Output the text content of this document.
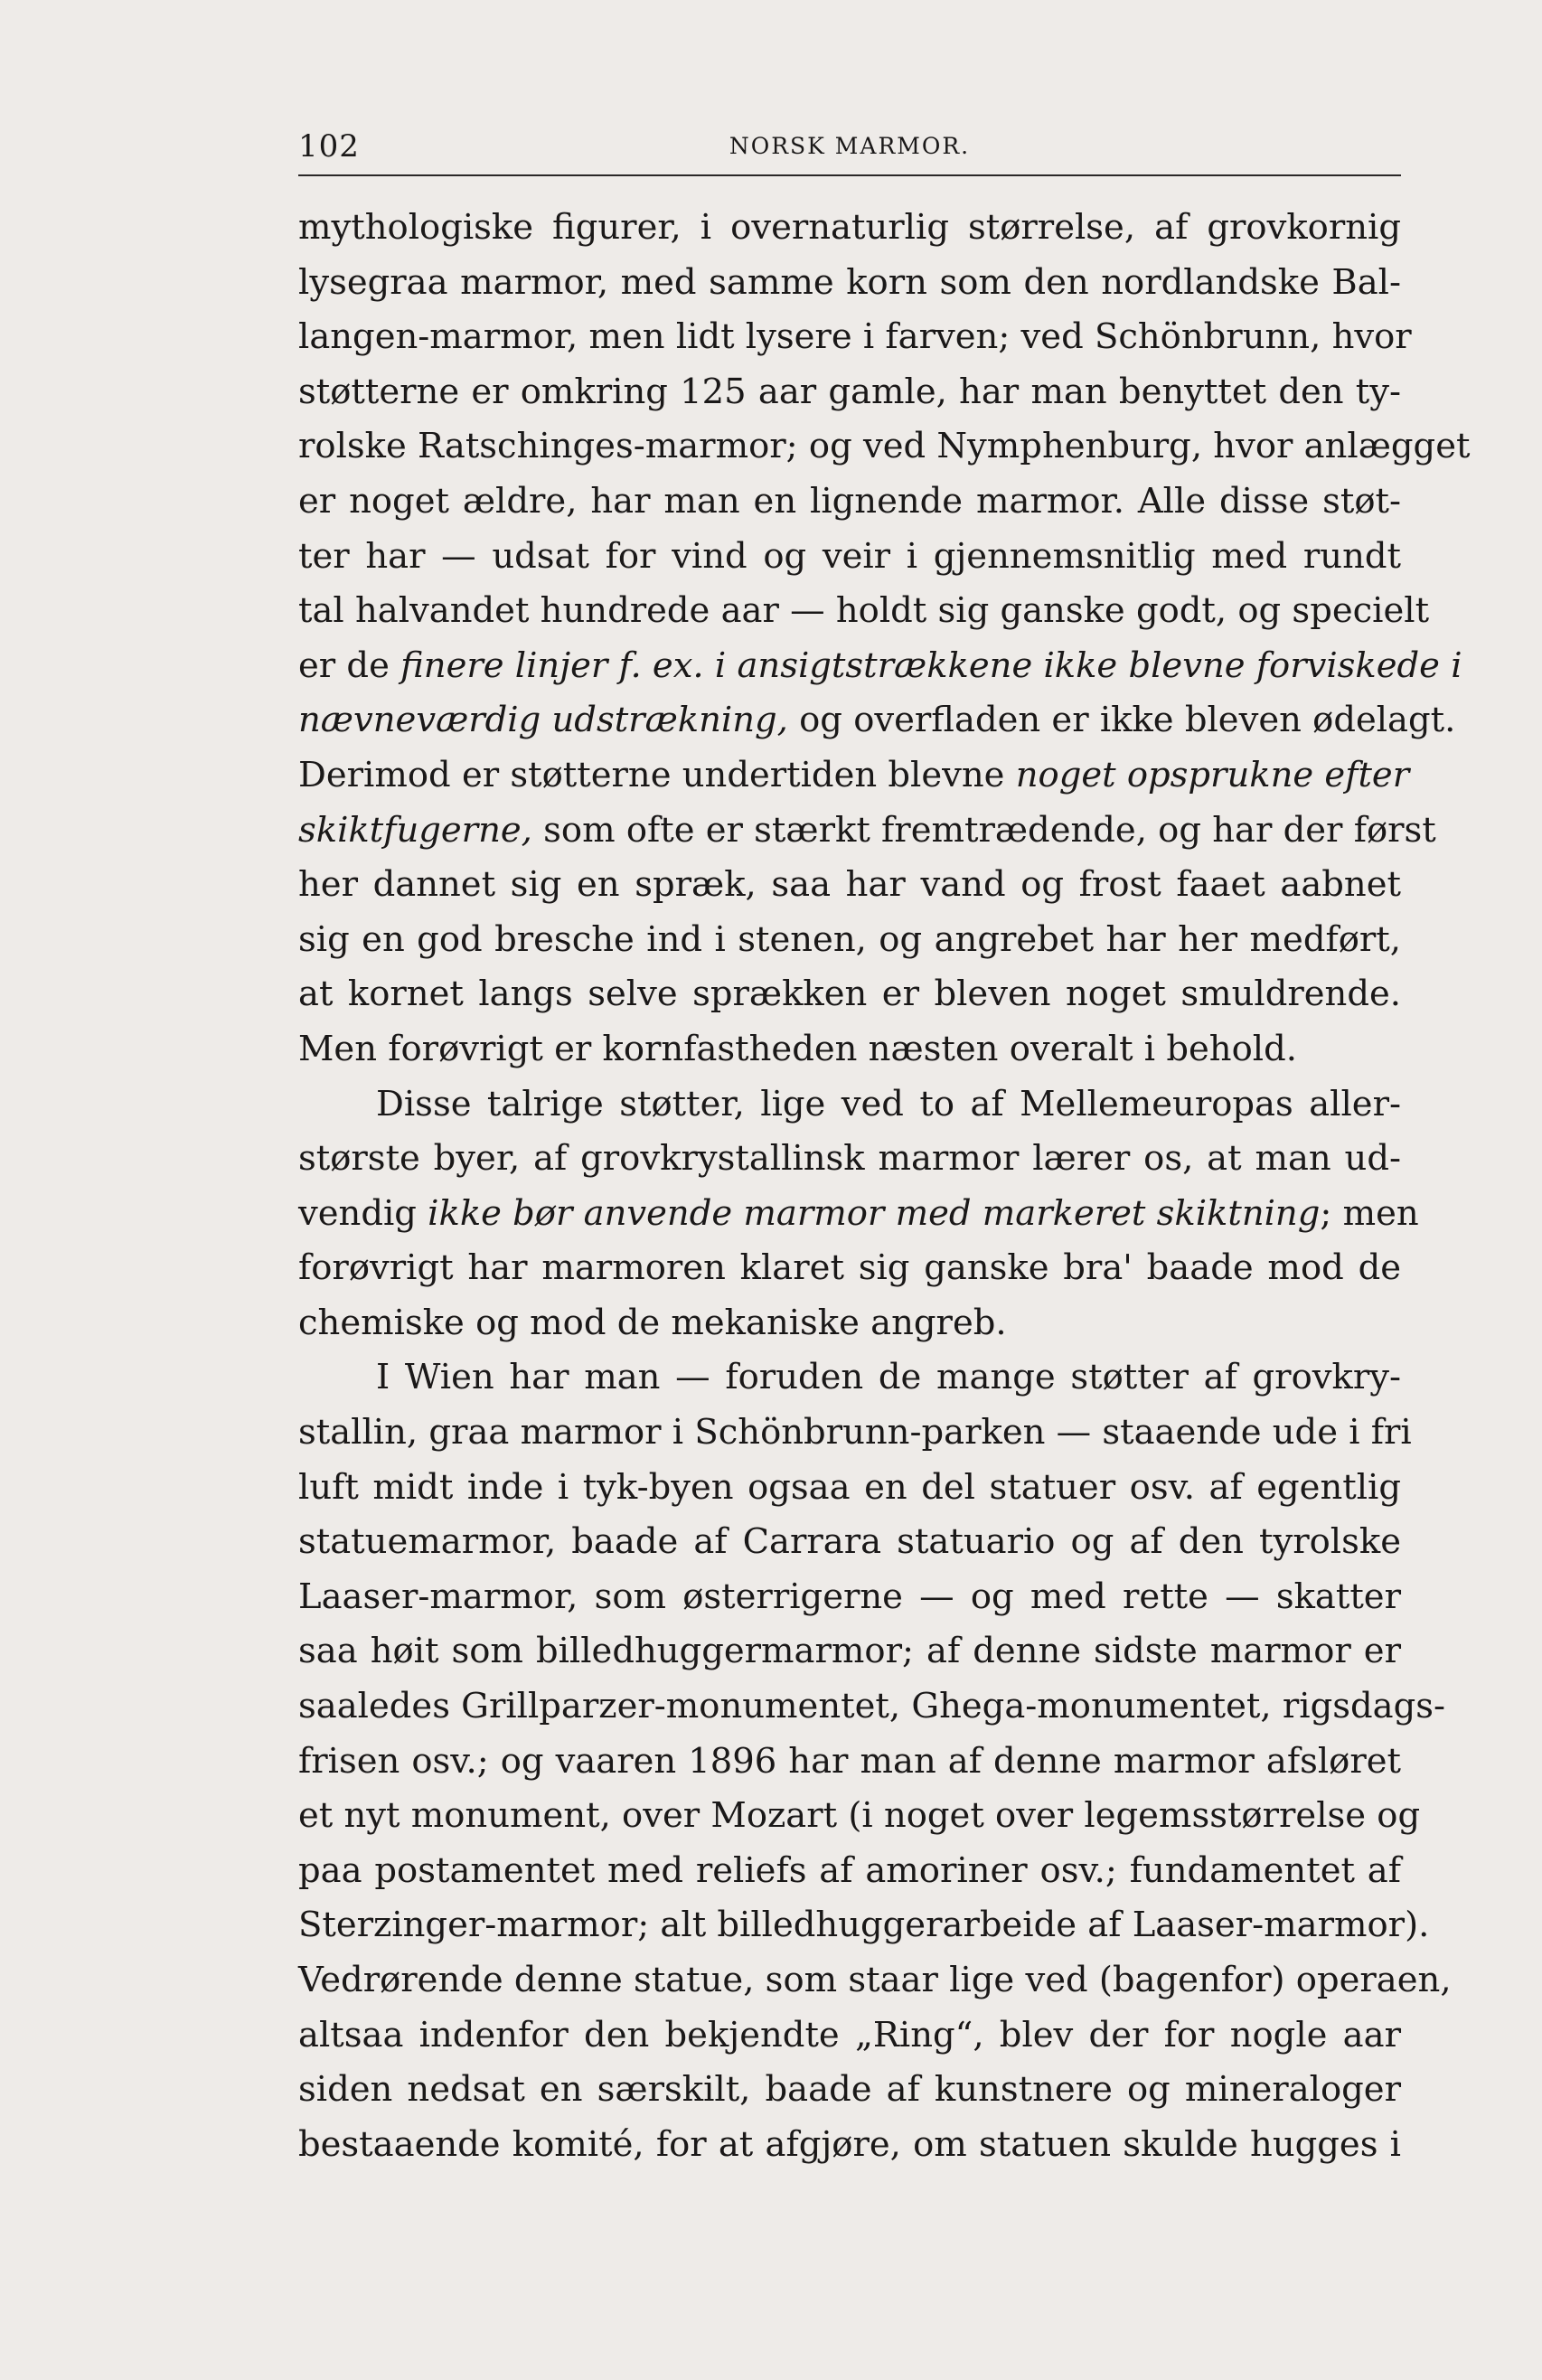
102	NORSK MARMOR.
mythologiske figurer, i overnaturlig størrelse, af grovkornig
lysegraa marmor, med samme korn som den nordlandske Bal-
langen-marmor, men lidt lysere i farven; ved Schönbrunn, hvor
støtterne er omkring 125 aar gamle, har man benyttet den ty-
rolske Ratschinges-marmor; og ved Nymphenburg, hvor anlægget
er noget ældre, har man en lignende marmor. Alle disse støt-
ter har — udsat for vind og veir i gjennemsnitlig med rundt
tal halvandet hundrede aar — holdt sig ganske godt, og specielt
er de finere linjer f. ex. i ansigtstrækkene ikke blevne forviskede i
nævneværdig udstrækning, og overfladen er ikke bleven ødelagt.
Derimod er støtterne undertiden blevne noget opsprukne efter
skiktfugerne, som ofte er stærkt fremtrædende, og har der først
her dannet sig en spræk, saa har vand og frost faaet aabnet
sig en god bresche ind i stenen, og angrebet har her medført,
at kornet langs selve sprækken er bleven noget smuldrende.
Men forøvrigt er kornfastheden næsten overalt i behold.
Disse talrige støtter, lige ved to af Mellemeuropas aller-
største byer, af grovkrystallinsk marmor lærer os, at man ud-
vendig ikke bør anvende marmor med markeret skiktning; men
forøvrigt har marmoren klaret sig ganske bra' baade mod de
chemiske og mod de mekaniske angreb.
I Wien har man — foruden de mange støtter af grovkry-
stallin, graa marmor i Schönbrunn-parken — staaende ude i fri
luft midt inde i tyk-byen ogsaa en del statuer osv. af egentlig
statuemarmor, baade af Carrara statuario og af den tyrolske
Laaser-marmor, som østerrigerne — og med rette — skatter
saa høit som billedhuggermarmor; af denne sidste marmor er
saaledes Grillparzer-monumentet, Ghega-monumentet, rigsdags-
frisen osv.; og vaaren 1896 har man af denne marmor afsløret
et nyt monument, over Mozart (i noget over legemsstørrelse og
paa postamentet med reliefs af amoriner osv.; fundamentet af
Sterzinger-marmor; alt billedhuggerarbeide af Laaser-marmor).
Vedrørende denne statue, som staar lige ved (bagenfor) operaen,
altsaa indenfor den bekjendte „Ring“, blev der for nogle aar
siden nedsat en særskilt, baade af kunstnere og mineraloger
bestaaende komité, for at afgjøre, om statuen skulde hugges i
